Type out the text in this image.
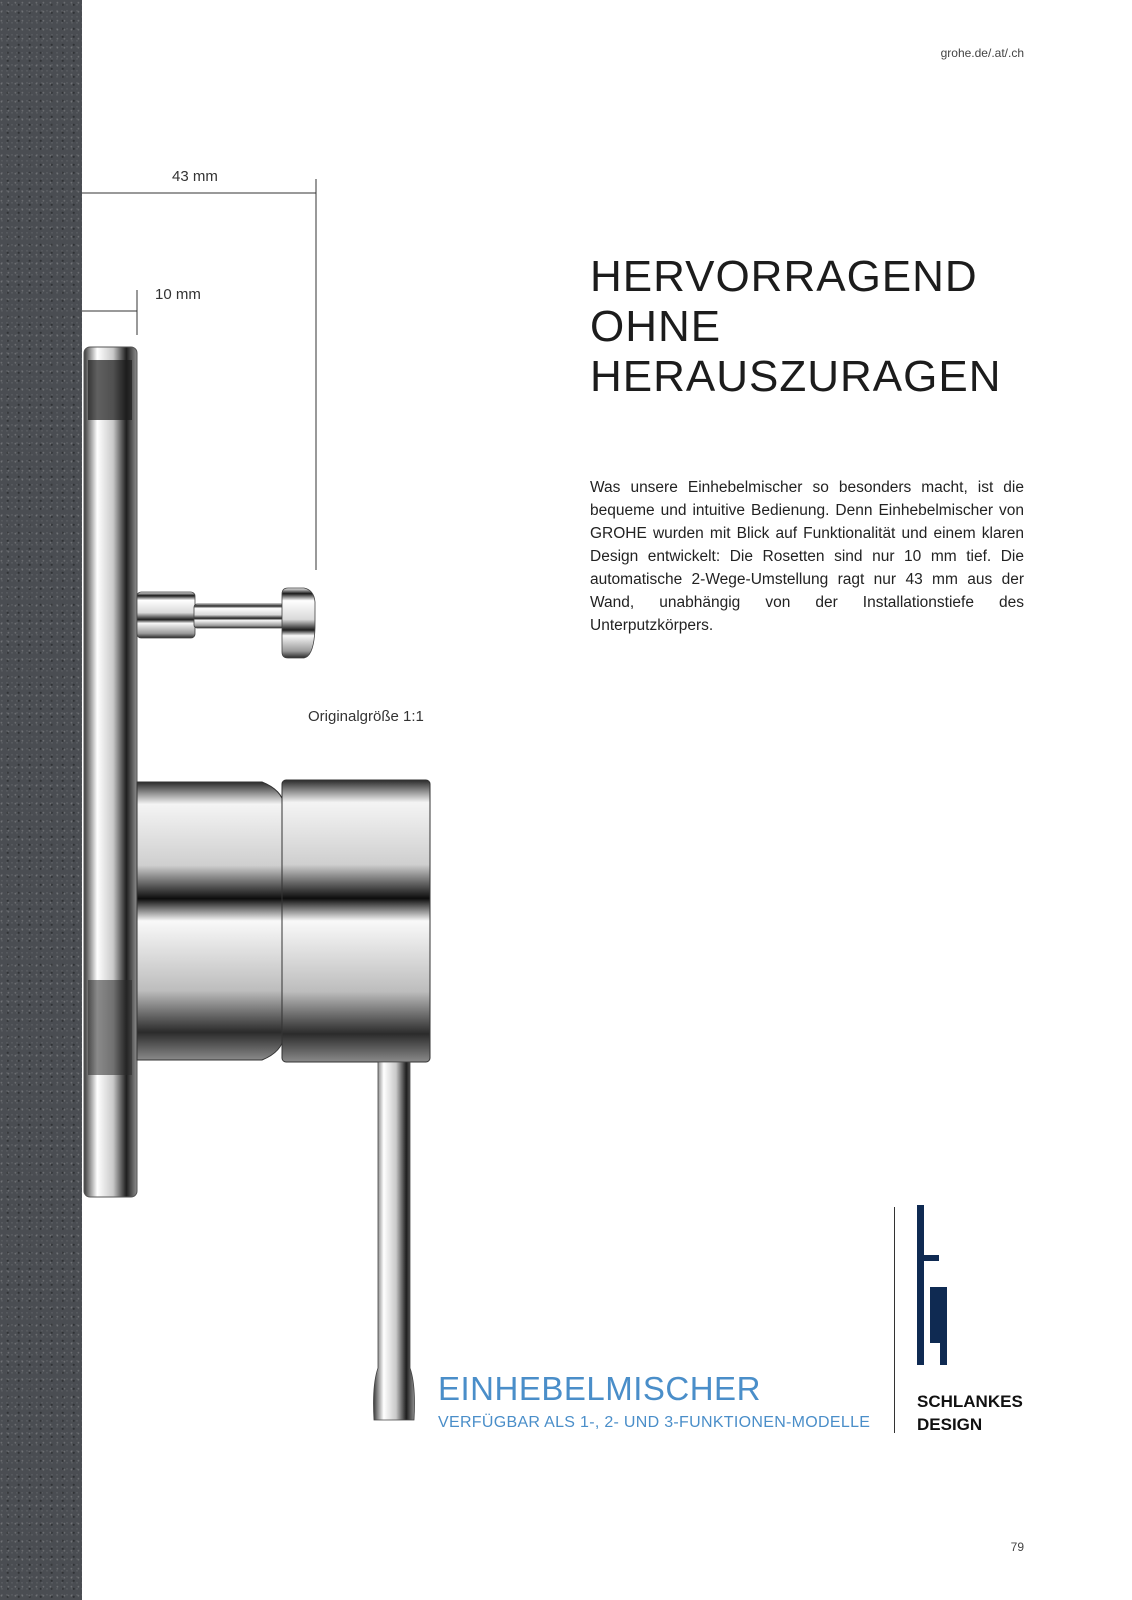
grohe.de/.at/.ch
43 mm
10 mm
Originalgröße 1:1
HERVORRAGEND
OHNE
HERAUSZURAGEN

Was unsere Einhebelmischer so besonders macht, ist die bequeme und intuitive Bedienung. Denn Einhebelmischer von GROHE wurden mit Blick auf Funktionalität und einem klaren Design entwickelt: Die Rosetten sind nur 10 mm tief. Die automatische 2-Wege-Umstellung ragt nur 43 mm aus der Wand, unabhängig von der Installationstiefe des Unterputzkörpers.

EINHEBELMISCHER
VERFÜGBAR ALS 1-, 2- UND 3-FUNKTIONEN-MODELLE
SCHLANKES
DESIGN
79
